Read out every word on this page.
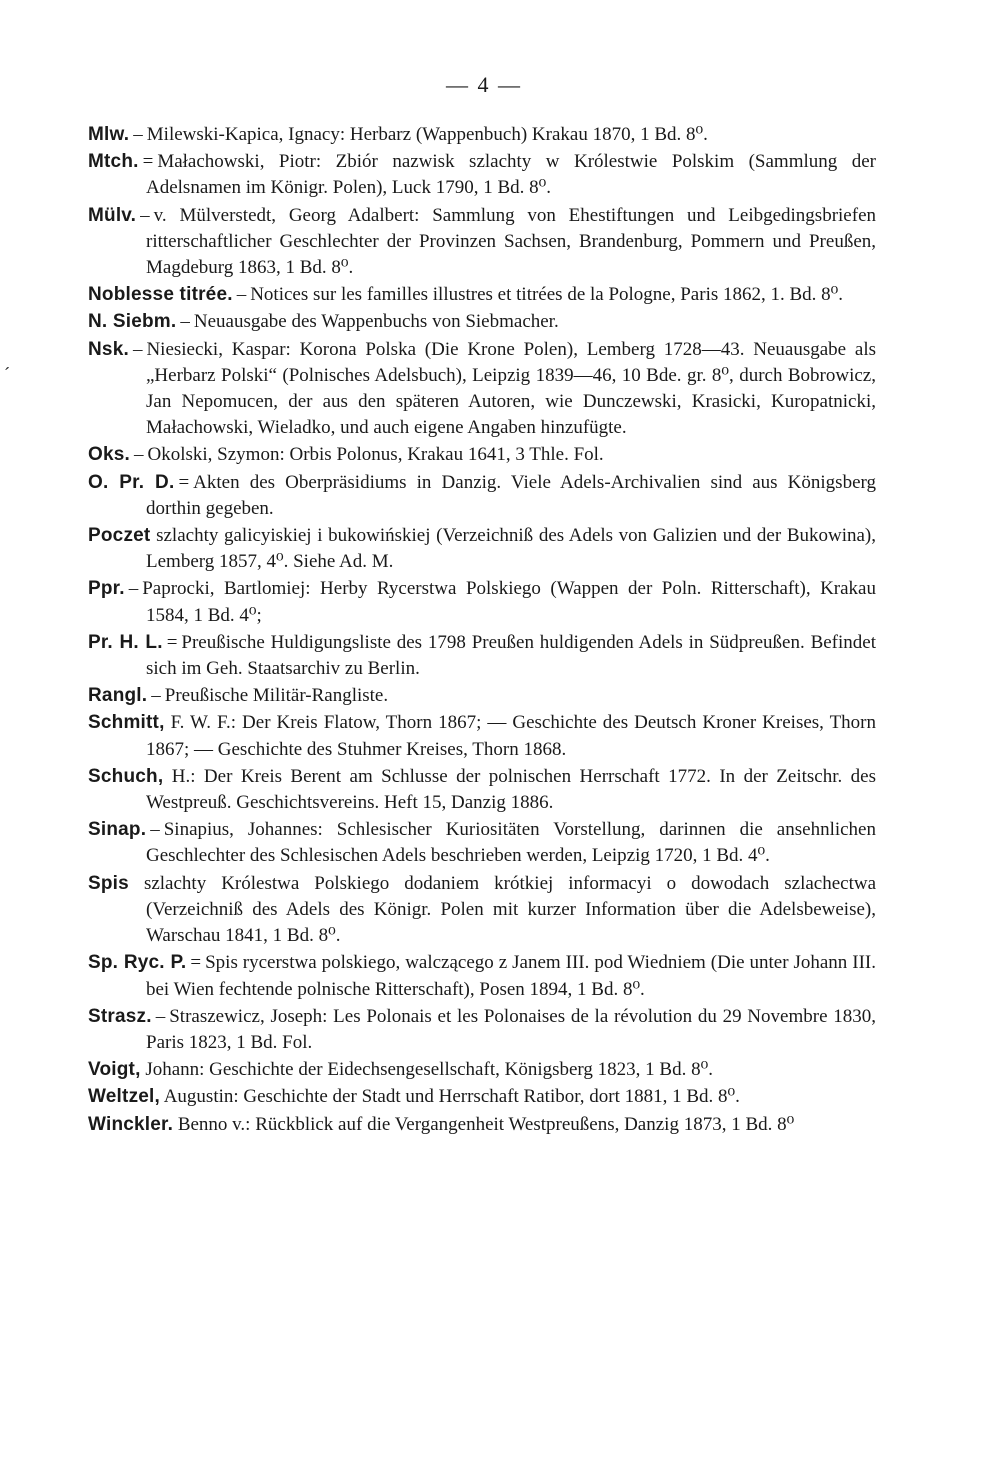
— 4 —
Mlw. – Milewski-Kapica, Ignacy: Herbarz (Wappenbuch) Krakau 1870, 1 Bd. 8⁰.
Mtch. = Małachowski, Piotr: Zbiór nazwisk szlachty w Królestwie Polskim (Sammlung der Adelsnamen im Königr. Polen), Luck 1790, 1 Bd. 8⁰.
Mülv. – v. Mülverstedt, Georg Adalbert: Sammlung von Ehestiftungen und Leibgedingsbriefen ritterschaftlicher Geschlechter der Provinzen Sachsen, Brandenburg, Pommern und Preußen, Magdeburg 1863, 1 Bd. 8⁰.
Noblesse titrée. – Notices sur les familles illustres et titrées de la Pologne, Paris 1862, 1. Bd. 8⁰.
N. Siebm. – Neuausgabe des Wappenbuchs von Siebmacher.
Nsk. – Niesiecki, Kaspar: Korona Polska (Die Krone Polen), Lemberg 1728—43. Neuausgabe als „Herbarz Polski“ (Polnisches Adelsbuch), Leipzig 1839—46, 10 Bde. gr. 8⁰, durch Bobrowicz, Jan Nepomucen, der aus den späteren Autoren, wie Dunczewski, Krasicki, Kuropatnicki, Małachowski, Wieladko, und auch eigene Angaben hinzufügte.
ˊ
Oks. – Okolski, Szymon: Orbis Polonus, Krakau 1641, 3 Thle. Fol.
O. Pr. D. = Akten des Oberpräsidiums in Danzig. Viele Adels-Archivalien sind aus Königsberg dorthin gegeben.
Poczet szlachty galicyiskiej i bukowińskiej (Verzeichniß des Adels von Galizien und der Bukowina), Lemberg 1857, 4⁰. Siehe Ad. M.
Ppr. – Paprocki, Bartlomiej: Herby Rycerstwa Polskiego (Wappen der Poln. Ritterschaft), Krakau 1584, 1 Bd. 4⁰;
Pr. H. L. = Preußische Huldigungsliste des 1798 Preußen huldigenden Adels in Südpreußen. Befindet sich im Geh. Staatsarchiv zu Berlin.
Rangl. – Preußische Militär-Rangliste.
Schmitt, F. W. F.: Der Kreis Flatow, Thorn 1867; — Geschichte des Deutsch Kroner Kreises, Thorn 1867; — Geschichte des Stuhmer Kreises, Thorn 1868.
Schuch, H.: Der Kreis Berent am Schlusse der polnischen Herrschaft 1772. In der Zeitschr. des Westpreuß. Geschichtsvereins. Heft 15, Danzig 1886.
Sinap. – Sinapius, Johannes: Schlesischer Kuriositäten Vorstellung, darinnen die ansehnlichen Geschlechter des Schlesischen Adels beschrieben werden, Leipzig 1720, 1 Bd. 4⁰.
Spis szlachty Królestwa Polskiego dodaniem krótkiej informacyi o dowodach szlachectwa (Verzeichniß des Adels des Königr. Polen mit kurzer Information über die Adelsbeweise), Warschau 1841, 1 Bd. 8⁰.
Sp. Ryc. P. = Spis rycerstwa polskiego, walczącego z Janem III. pod Wiedniem (Die unter Johann III. bei Wien fechtende polnische Ritterschaft), Posen 1894, 1 Bd. 8⁰.
Strasz. – Straszewicz, Joseph: Les Polonais et les Polonaises de la révolution du 29 Novembre 1830, Paris 1823, 1 Bd. Fol.
Voigt, Johann: Geschichte der Eidechsengesellschaft, Königsberg 1823, 1 Bd. 8⁰.
Weltzel, Augustin: Geschichte der Stadt und Herrschaft Ratibor, dort 1881, 1 Bd. 8⁰.
Winckler. Benno v.: Rückblick auf die Vergangenheit Westpreußens, Danzig 1873, 1 Bd. 8⁰
